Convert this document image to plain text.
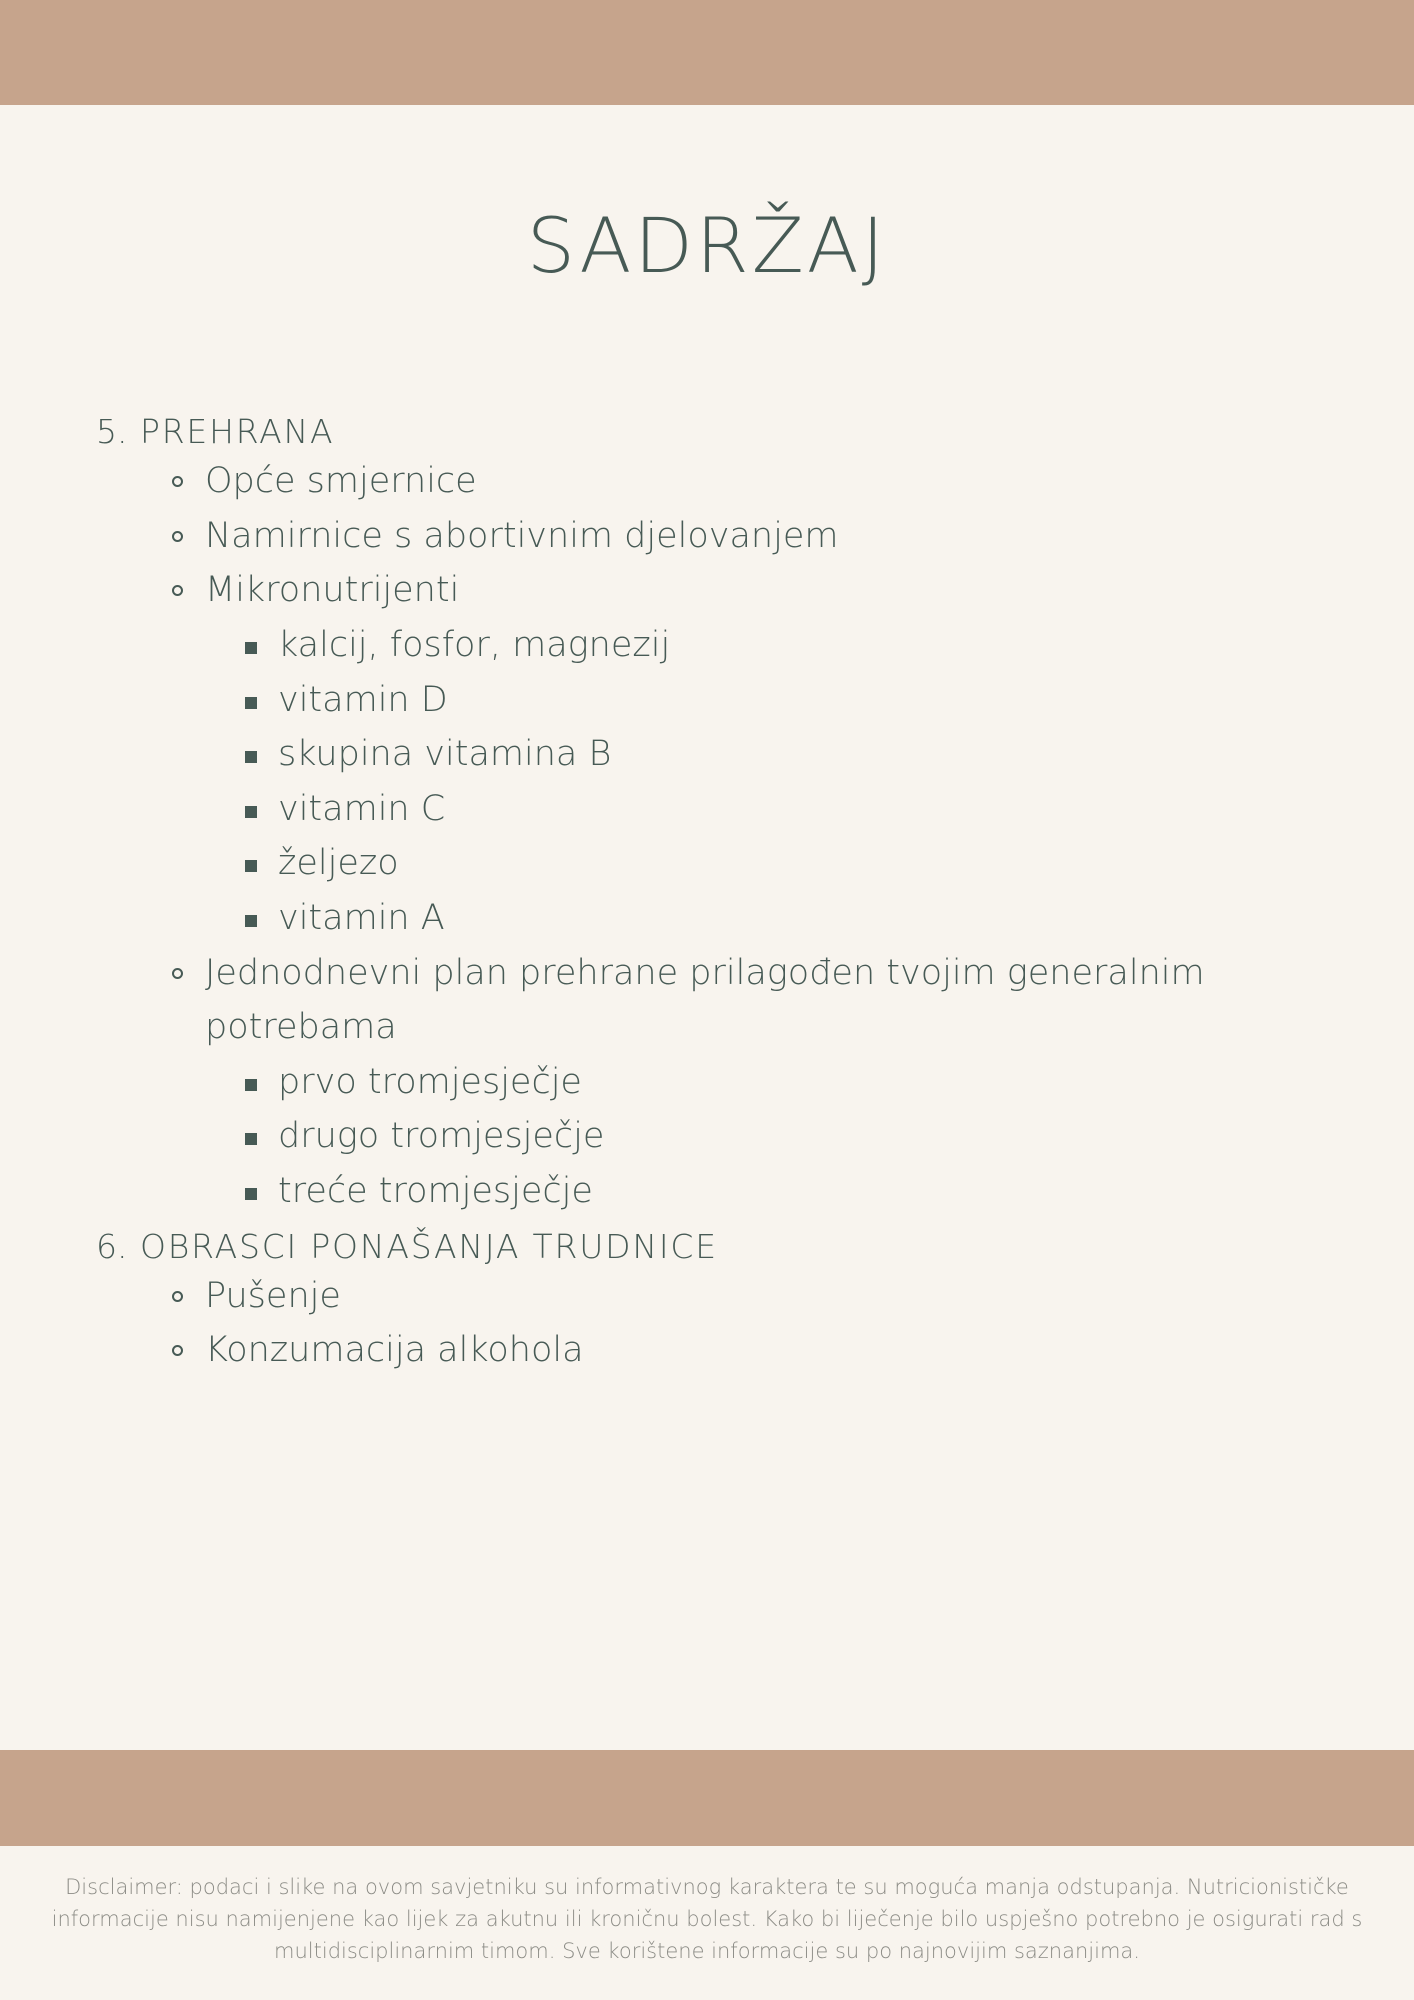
SADRŽAJ
5. PREHRANA
Opće smjernice
Namirnice s abortivnim djelovanjem
Mikronutrijenti
kalcij, fosfor, magnezij
vitamin D
skupina vitamina B
vitamin C
željezo
vitamin A
Jednodnevni plan prehrane prilagođen tvojim generalnim potrebama
prvo tromjesječje
drugo tromjesječje
treće tromjesječje
6. OBRASCI PONAŠANJA TRUDNICE
Pušenje
Konzumacija alkohola
Disclaimer: podaci i slike na ovom savjetniku su informativnog karaktera te su moguća manja odstupanja. Nutricionističke informacije nisu namijenjene kao lijek za akutnu ili kroničnu bolest. Kako bi liječenje bilo uspješno potrebno je osigurati rad s multidisciplinarnim timom. Sve korištene informacije su po najnovijim saznanjima.
